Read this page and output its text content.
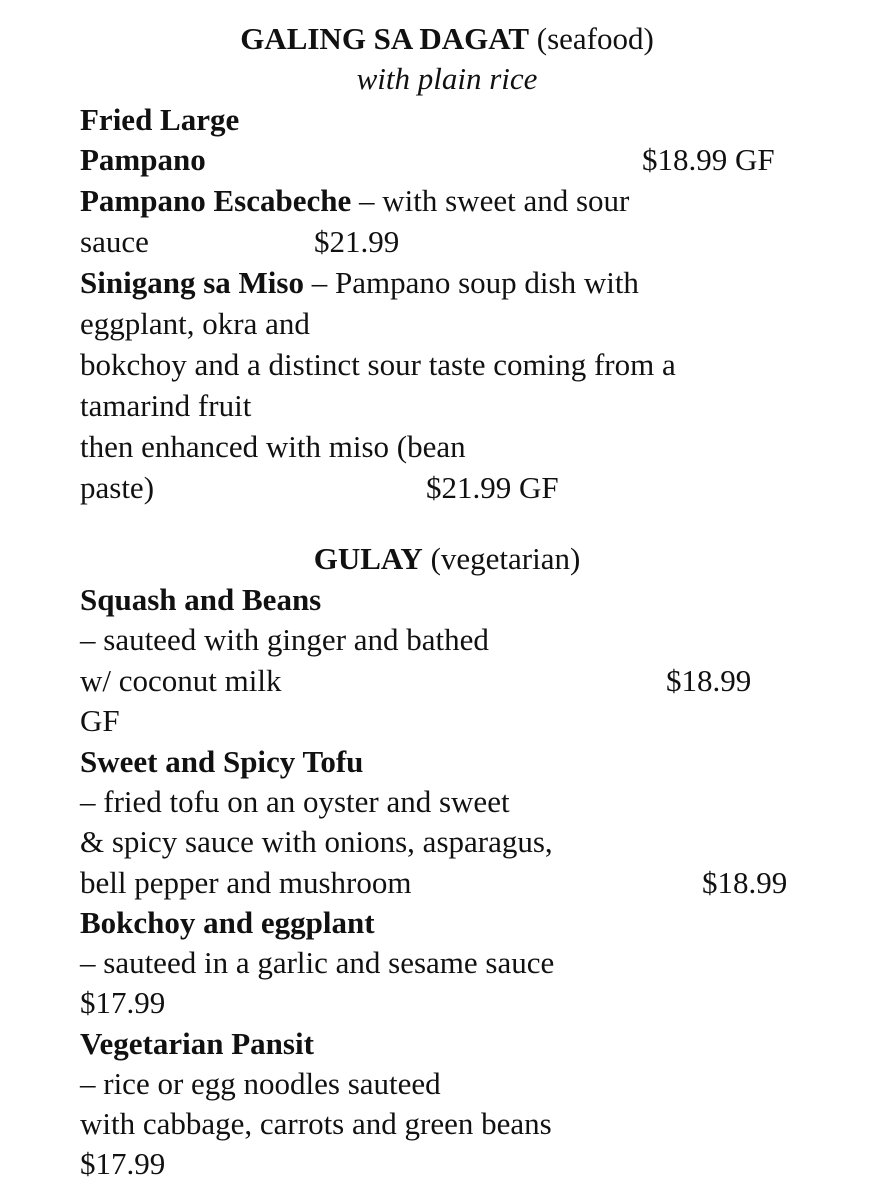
GALING SA DAGAT (seafood)
with plain rice
Fried Large
Pampano	$18.99 GF
Pampano Escabeche – with sweet and sour
sauce	$21.99
Sinigang sa Miso – Pampano soup dish with
eggplant, okra and
bokchoy and a distinct sour taste coming from a
tamarind fruit
then enhanced with miso (bean
paste)	$21.99 GF
GULAY (vegetarian)
Squash and Beans
– sauteed with ginger and bathed
w/ coconut milk	$18.99
GF
Sweet and Spicy Tofu
– fried tofu on an oyster and sweet
& spicy sauce with onions, asparagus,
bell pepper and mushroom	$18.99
Bokchoy and eggplant
– sauteed in a garlic and sesame sauce
$17.99
Vegetarian Pansit
– rice or egg noodles sauteed
with cabbage, carrots and green beans
$17.99
